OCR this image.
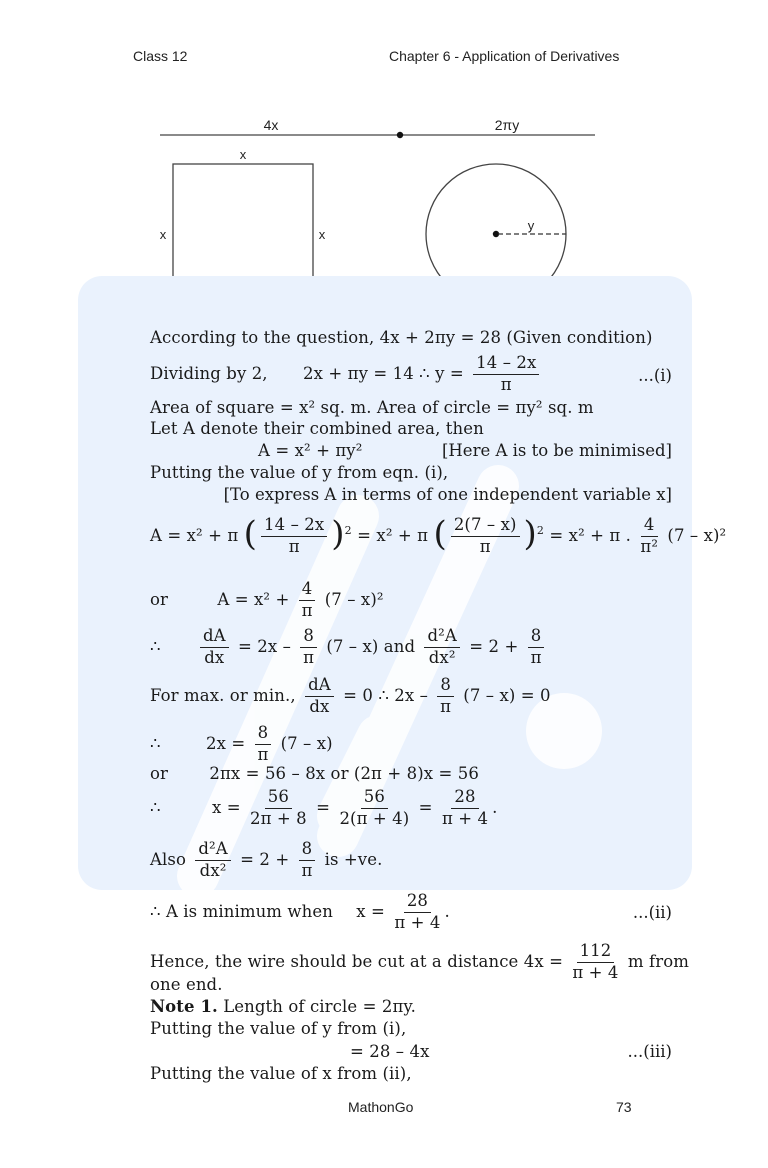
Class 12	Chapter 6 - Application of Derivatives
4x	2πy
x
x	x
y
According to the question, 4x + 2πy = 28 (Given condition)
Dividing by 2, 2x + πy = 14 ∴ $y = \frac{14 - 2x}{\pi}$	...(i)
Area of square = x² sq. m. Area of circle = πy² sq. m
Let A denote their combined area, then
A = x² + πy²	[Here A is to be minimised]
Putting the value of y from eqn. (i),
[To express A in terms of one independent variable x]
A = x² + π ( $\frac{14 - 2x}{\pi} )^2 = x^2 + \pi$ ( $\frac{2(7 - x)}{\pi} )^2 = x^2 + \pi$ . $\frac{4}{\text{π²}} (7 - x)^2$
or	$A = x^2 + \frac{4}{\pi} (7 - x)^2$
∴ $\frac{dA}{dx} = 2x - \frac{8}{\pi} (7 - x)$ and $\frac{\text{d²A}}{\text{dx²}} = 2 + \frac{8}{\pi}$
For max. or min., $\frac{dA}{dx} = 0$ ∴ $2x - \frac{8}{\pi} (7 - x) = 0$
∴	$2x = \frac{8}{\pi} (7 - x)$
or	2πx = 56 – 8x or (2π + 8)x = 56
∴	$x = \frac{56}{2\pi + 8} = \frac{56}{2(\pi + 4)} = \frac{28}{\pi + 4}$ .
Also $\frac{\text{d²A}}{\text{dx²}} = 2 + \frac{8}{\pi}$ is +ve.
∴ A is minimum when $x = \frac{28}{\pi + 4}$ .	...(ii)
Hence, the wire should be cut at a distance $4x = \frac{112}{\pi + 4}$ m from
one end.
Note 1. Length of circle = 2πy.
Putting the value of y from (i),
= 28 – 4x	...(iii)
Putting the value of x from (ii),
MathonGo	73
